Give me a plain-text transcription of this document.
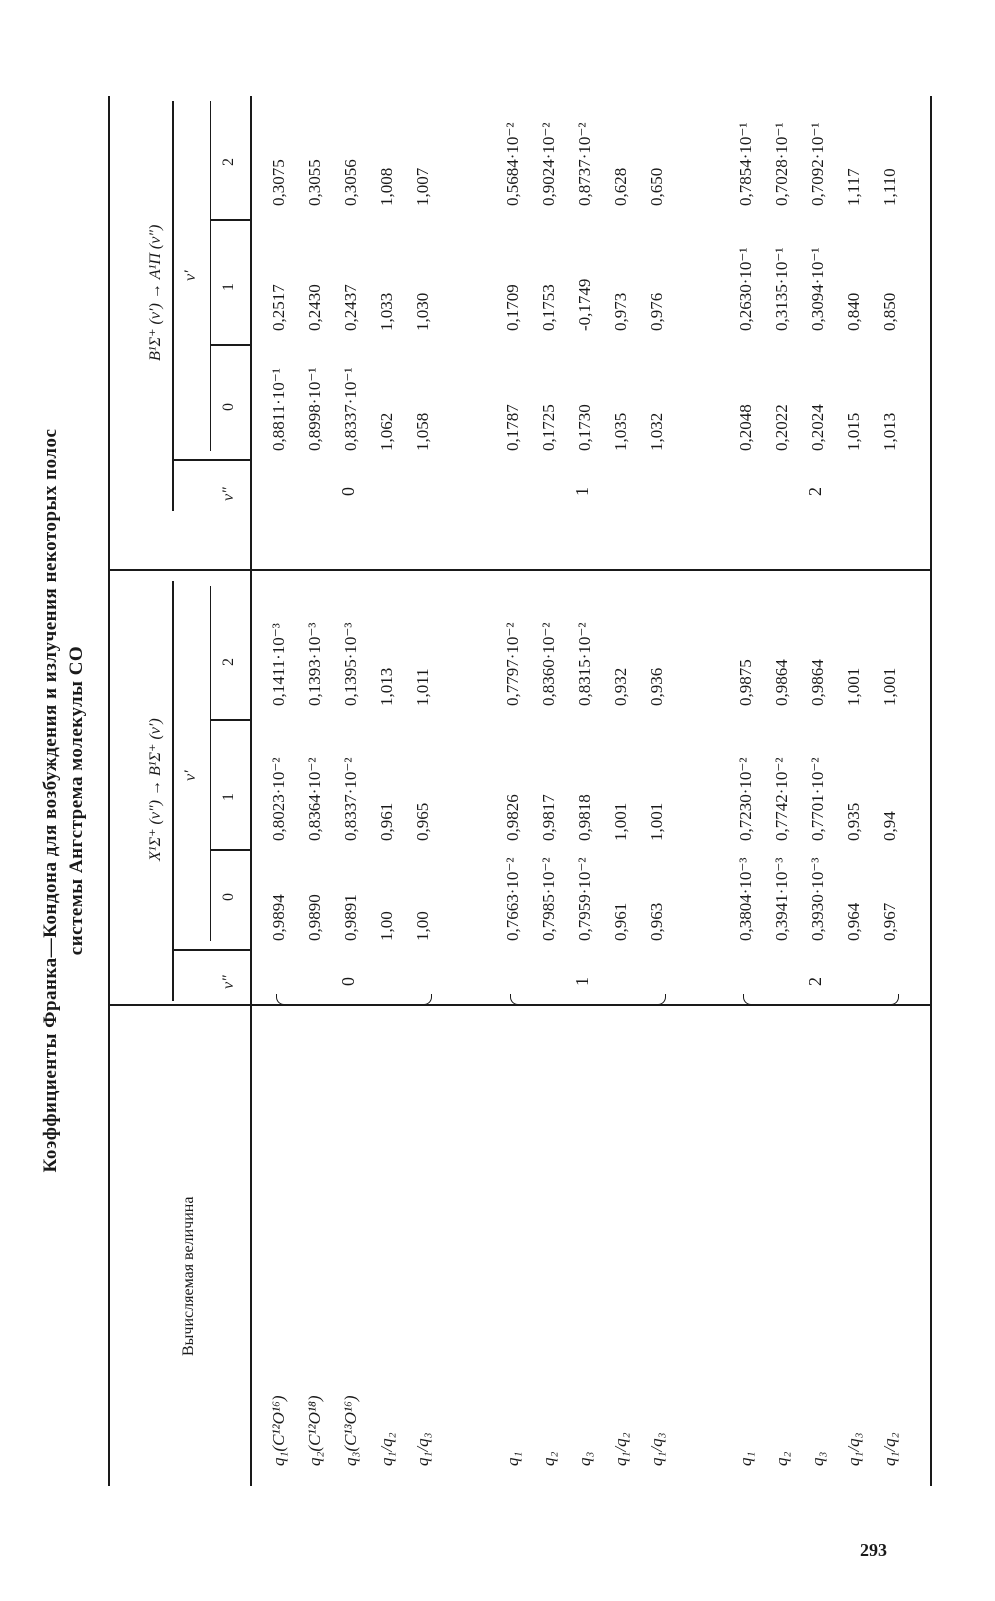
Коэффициенты Франка—Кондона для возбуждения и излучения некоторых полос системы Ангстрема молекулы СО
Вычисляемая величина
X¹Σ⁺ (v″) → B¹Σ⁺ (v′)
B¹Σ⁺ (v′) → A¹Π (v″)
v″
v′
v″
v′
0
1
2
0
1
2
q₁(C¹²O¹⁶)
0,9894
0,8023·10⁻²
0,1411·10⁻³
0,8811·10⁻¹
0,2517
0,3075
q₂(C¹²O¹⁸)
0,9890
0,8364·10⁻²
0,1393·10⁻³
0,8998·10⁻¹
0,2430
0,3055
q₃(C¹³O¹⁶)
0,9891
0,8337·10⁻²
0,1395·10⁻³
0,8337·10⁻¹
0,2437
0,3056
q₁/q₂
1,00
0,961
1,013
1,062
1,033
1,008
q₁/q₃
1,00
0,965
1,011
1,058
1,030
1,007
0
0
q₁
0,7663·10⁻²
0,9826
0,7797·10⁻²
0,1787
0,1709
0,5684·10⁻²
q₂
0,7985·10⁻²
0,9817
0,8360·10⁻²
0,1725
0,1753
0,9024·10⁻²
q₃
0,7959·10⁻²
0,9818
0,8315·10⁻²
0,1730
-0,1749
0,8737·10⁻²
q₁/q₂
0,961
1,001
0,932
1,035
0,973
0,628
q₁/q₃
0,963
1,001
0,936
1,032
0,976
0,650
1
1
q₁
0,3804·10⁻³
0,7230·10⁻²
0,9875
0,2048
0,2630·10⁻¹
0,7854·10⁻¹
q₂
0,3941·10⁻³
0,7742·10⁻²
0,9864
0,2022
0,3135·10⁻¹
0,7028·10⁻¹
q₃
0,3930·10⁻³
0,7701·10⁻²
0,9864
0,2024
0,3094·10⁻¹
0,7092·10⁻¹
q₁/q₃
0,964
0,935
1,001
1,015
0,840
1,117
q₁/q₂
0,967
0,94
1,001
1,013
0,850
1,110
2
2
293
